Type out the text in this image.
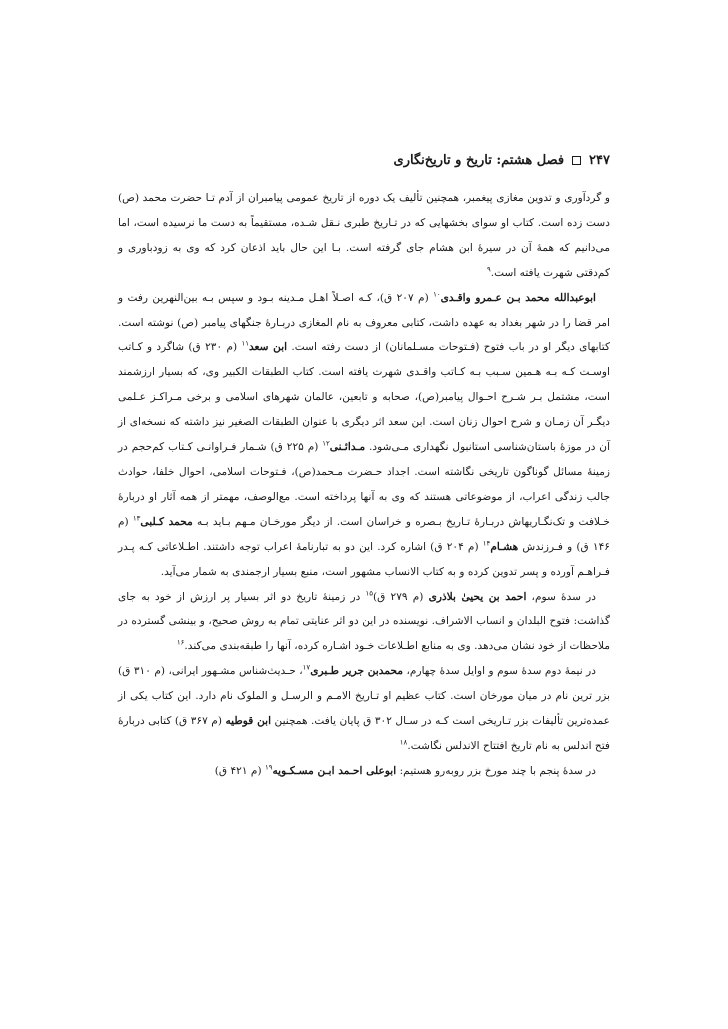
۲۴۷
فصل هشتم: تاریخ و تاریخ‌نگاری

و گردآوری و تدوین مغازی پیغمبر، همچنین تألیف یک دوره از تاریخ عمومی پیامبران از آدم تـا حضرت محمد (ص) دست زده است. کتاب او سوای بخشهایی که در تـاریخ طبری نـقل شـده، مستقیماً به دست ما نرسیده است، اما می‌دانیم که همهٔ آن در سیرهٔ ابن هشام جای گرفته است. بـا این حال باید اذعان کرد که وی به زودباوری و کم‌دقتی شهرت یافته است.$^۹$

ابوعبدالله محمد بـن عـمرو واقـدی$^{۱۰}$ (م ۲۰۷ ق)، کـه اصـلاً اهـل مـدینه بـود و سپس بـه بین‌النهرین رفت و امر قضا را در شهر بغداد به عهده داشت، کتابی معروف به نام المغازی دربـارهٔ جنگهای پیامبر (ص) نوشته است. کتابهای دیگر او در باب فتوح (فـتوحات مسـلمانان) از دست رفته است. ابن سعد$^{۱۱}$ (م ۲۳۰ ق) شاگرد و کـاتب اوسـت کـه بـه هـمین سـبب بـه کـاتب واقـدی شهرت یافته است. کتاب الطبقات الکبیر وی، که بسیار ارزشمند است، مشتمل بـر شـرح احـوال پیامبر(ص)، صحابه و تابعین، عالمان شهرهای اسلامی و برخی مـراکـز عـلمی دیگـر آن زمـان و شرح احوال زنان است. ابن سعد اثر دیگری با عنوان الطبقات الصغیر نیز داشته که نسخه‌ای از آن در موزهٔ باستان‌شناسی استانبول نگهداری مـی‌شود. مـدائـنی$^{۱۲}$ (م ۲۲۵ ق) شـمار فـراوانـی کـتاب کم‌حجم در زمینهٔ مسائل گوناگون تاریخی نگاشته است. اجداد حـضرت مـحمد(ص)، فـتوحات اسلامی، احوال خلفا، حوادث جالب زندگی اعراب، از موضوعاتی هستند که وی به آنها پرداخته است. مع‌الوصف، مهمتر از همه آثار او دربارهٔ خـلافت و تک‌نگـاریهاش دربـارهٔ تـاریخ بـصره و خراسان است. از دیگر مورخـان مـهم بـاید بـه محمد کـلبی$^{۱۳}$ (م ۱۴۶ ق) و فـرزندش هشـام$^{۱۴}$ (م ۲۰۴ ق) اشاره کرد. این دو به تبارنامهٔ اعراب توجه داشتند. اطـلاعاتی کـه پـدر فـراهـم آورده و پسر تدوین کرده و به کتاب الانساب مشهور است، منبع بسیار ارجمندی به شمار می‌آید.

در سدهٔ سوم، احمد بن یحییٰ بلاذری (م ۲۷۹ ق)$^{۱۵}$ در زمینهٔ تاریخ دو اثر بسیار پر ارزش از خود به جای گذاشت: فتوح البلدان و انساب الاشراف. نویسنده در این دو اثر عنایتی تمام به روش صحیح، و بینشی گسترده در ملاحظات از خود نشان می‌دهد. وی به منابع اطـلاعات خـود اشـاره کرده، آنها را طبقه‌بندی می‌کند.$^{۱۶}$

در نیمهٔ دوم سدهٔ سوم و اوایل سدهٔ چهارم، محمدبن جریر طـبری$^{۱۷}$، حـدیث‌شناس مشـهور ایرانی، (م ۳۱۰ ق) بزر ترین نام در میان مورخان است. کتاب عظیم او تـاریخ الامـم و الرسـل و الملوک نام دارد. این کتاب یکی از عمده‌ترین تألیفات بزر تـاریخی است کـه در سـال ۳۰۲ ق پایان یافت. همچنین ابن قوطیه (م ۳۶۷ ق) کتابی دربارهٔ فتح اندلس به نام تاریخ افتتاح الاندلس نگاشت.$^{۱۸}$

در سدهٔ پنجم با چند مورخ بزر روبه‌رو هستیم: ابوعلی احـمد ابـن مسـکـویه$^{۱۹}$ (م ۴۲۱ ق)
